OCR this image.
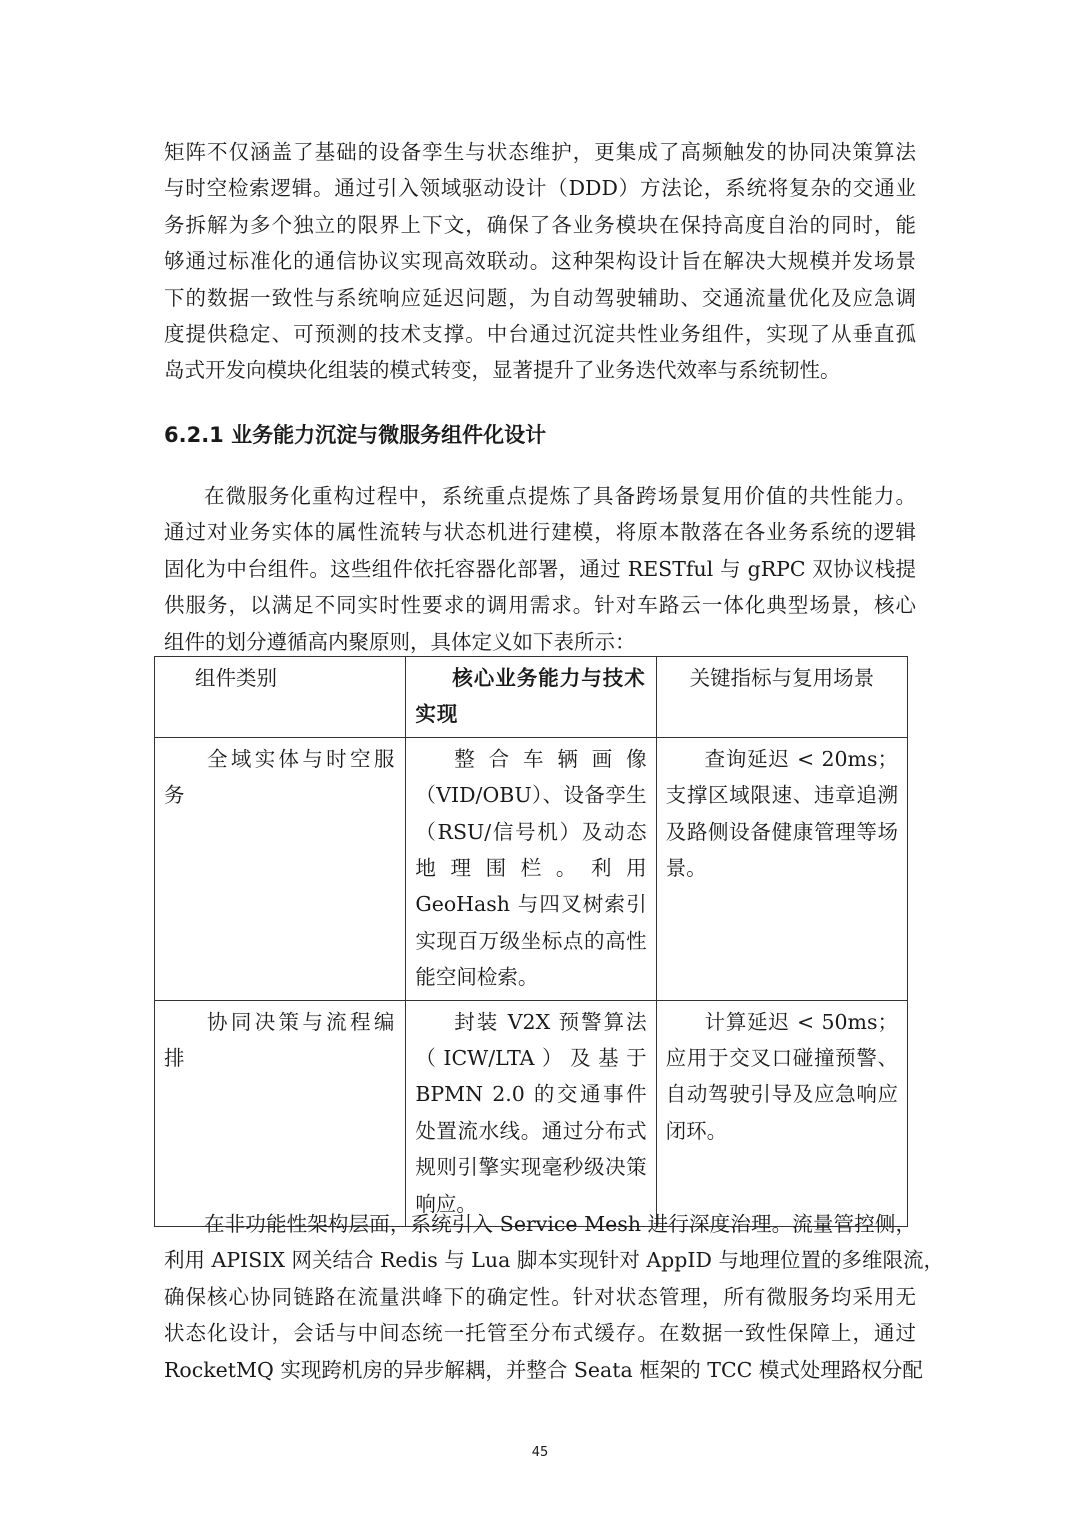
矩阵不仅涵盖了基础的设备孪生与状态维护，更集成了高频触发的协同决策算法
与时空检索逻辑。通过引入领域驱动设计（DDD）方法论，系统将复杂的交通业
务拆解为多个独立的限界上下文，确保了各业务模块在保持高度自治的同时，能
够通过标准化的通信协议实现高效联动。这种架构设计旨在解决大规模并发场景
下的数据一致性与系统响应延迟问题，为自动驾驶辅助、交通流量优化及应急调
度提供稳定、可预测的技术支撑。中台通过沉淀共性业务组件，实现了从垂直孤
岛式开发向模块化组装的模式转变，显著提升了业务迭代效率与系统韧性。

6.2.1 业务能力沉淀与微服务组件化设计

在微服务化重构过程中，系统重点提炼了具备跨场景复用价值的共性能力。
通过对业务实体的属性流转与状态机进行建模，将原本散落在各业务系统的逻辑
固化为中台组件。这些组件依托容器化部署，通过 RESTful 与 gRPC 双协议栈提
供服务，以满足不同实时性要求的调用需求。针对车路云一体化典型场景，核心
组件的划分遵循高内聚原则，具体定义如下表所示：

组件类别	核心业务能力与技术实现	关键指标与复用场景
全域实体与时空服务	整合车辆画像（VID/OBU）、设备孪生（RSU/信号机）及动态地理围栏。利用 GeoHash 与四叉树索引实现百万级坐标点的高性能空间检索。	查询延迟 < 20ms；支撑区域限速、违章追溯及路侧设备健康管理等场景。
协同决策与流程编排	封装 V2X 预警算法（ICW/LTA）及基于 BPMN 2.0 的交通事件处置流水线。通过分布式规则引擎实现毫秒级决策响应。	计算延迟 < 50ms；应用于交叉口碰撞预警、自动驾驶引导及应急响应闭环。

在非功能性架构层面，系统引入 Service Mesh 进行深度治理。流量管控侧，
利用 APISIX 网关结合 Redis 与 Lua 脚本实现针对 AppID 与地理位置的多维限流，
确保核心协同链路在流量洪峰下的确定性。针对状态管理，所有微服务均采用无
状态化设计，会话与中间态统一托管至分布式缓存。在数据一致性保障上，通过
RocketMQ 实现跨机房的异步解耦，并整合 Seata 框架的 TCC 模式处理路权分配

45
